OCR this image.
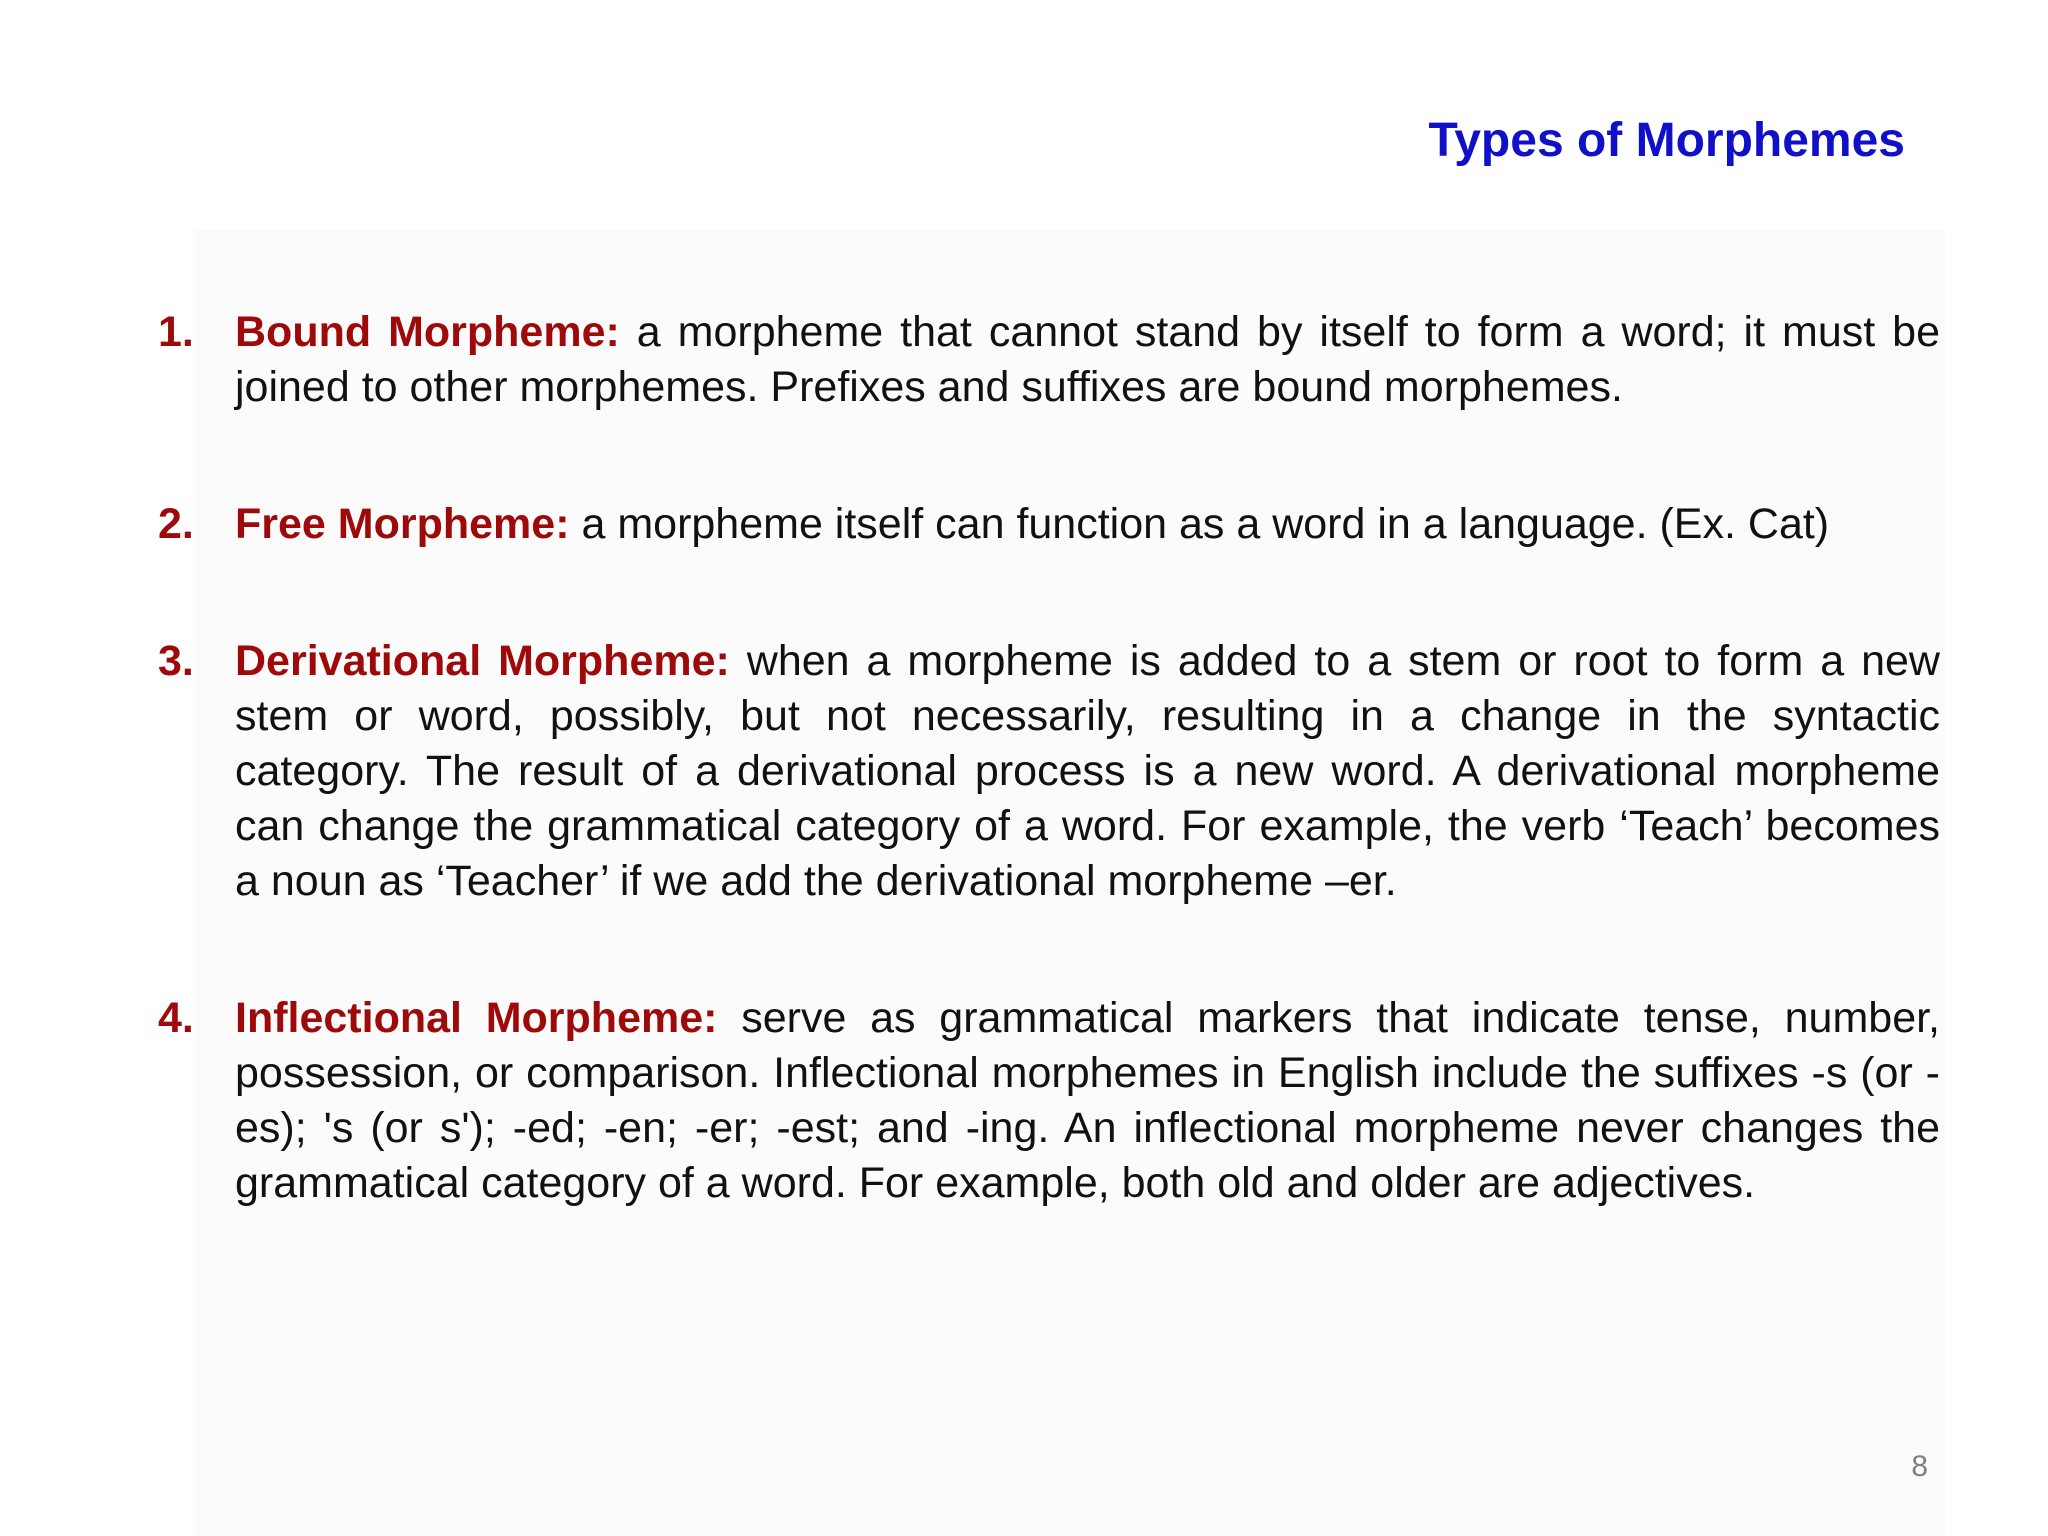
Types of Morphemes
1. Bound Morpheme: a morpheme that cannot stand by itself to form a word; it must be joined to other morphemes. Prefixes and suffixes are bound morphemes.
2. Free Morpheme: a morpheme itself can function as a word in a language. (Ex. Cat)
3. Derivational Morpheme: when a morpheme is added to a stem or root to form a new stem or word, possibly, but not necessarily, resulting in a change in the syntactic category. The result of a derivational process is a new word. A derivational morpheme can change the grammatical category of a word. For example, the verb ‘Teach’ becomes a noun as ‘Teacher’ if we add the derivational morpheme –er.
4. Inflectional Morpheme: serve as grammatical markers that indicate tense, number, possession, or comparison. Inflectional morphemes in English include the suffixes -s (or -es); 's (or s'); -ed; -en; -er; -est; and -ing. An inflectional morpheme never changes the grammatical category of a word. For example, both old and older are adjectives.

8
